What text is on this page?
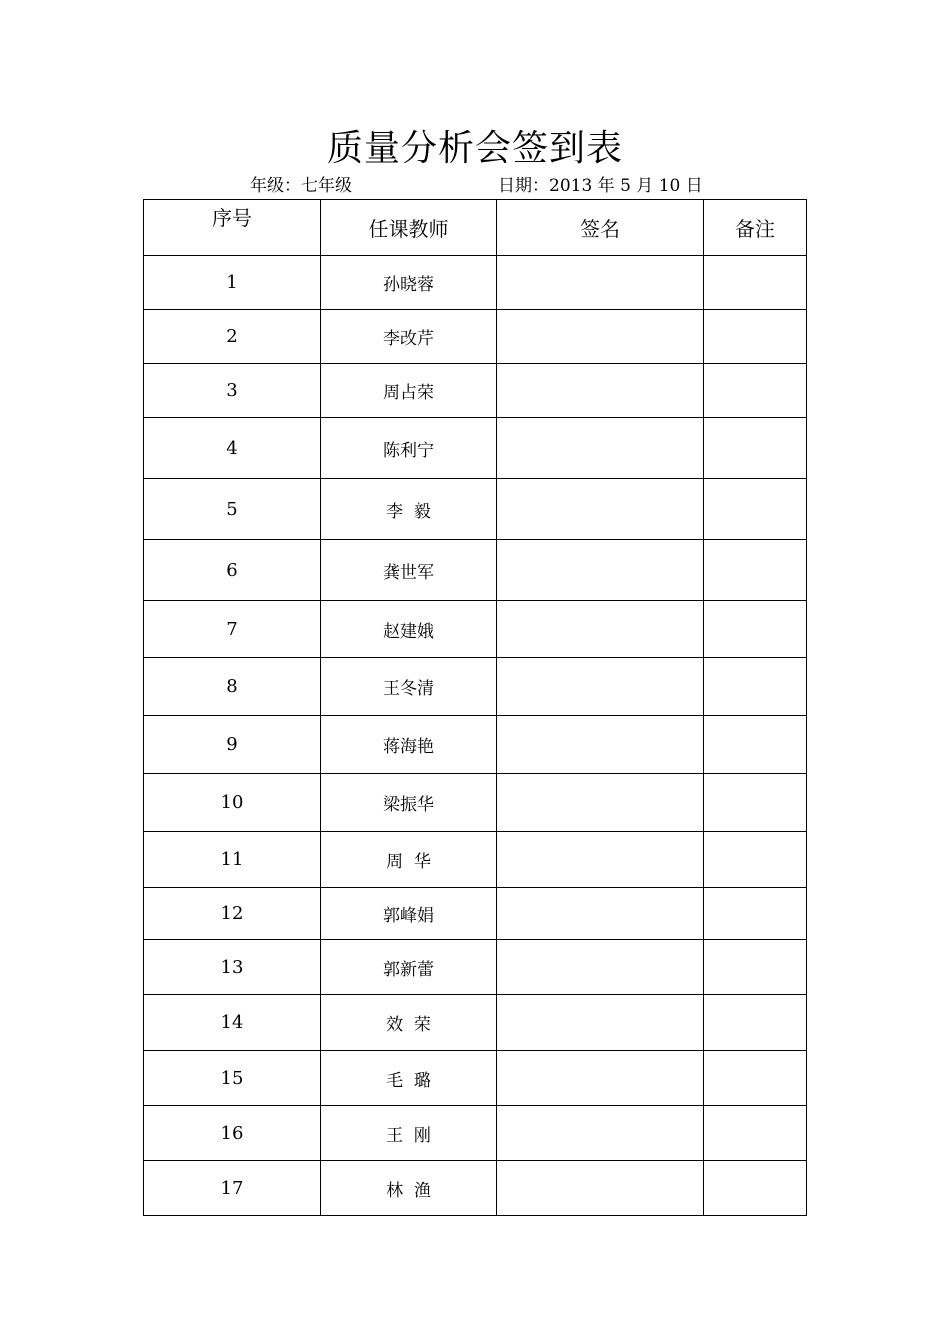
质量分析会签到表
年级：七年级	日期：2013 年 5 月 10 日
序号	任课教师	签名	备注
1	孙晓蓉		
2	李改芹		
3	周占荣		
4	陈利宁		
5	李  毅		
6	龚世军		
7	赵建娥		
8	王冬清		
9	蒋海艳		
10	梁振华		
11	周  华		
12	郭峰娟		
13	郭新蕾		
14	效  荣		
15	毛  璐		
16	王  刚		
17	林  渔		
